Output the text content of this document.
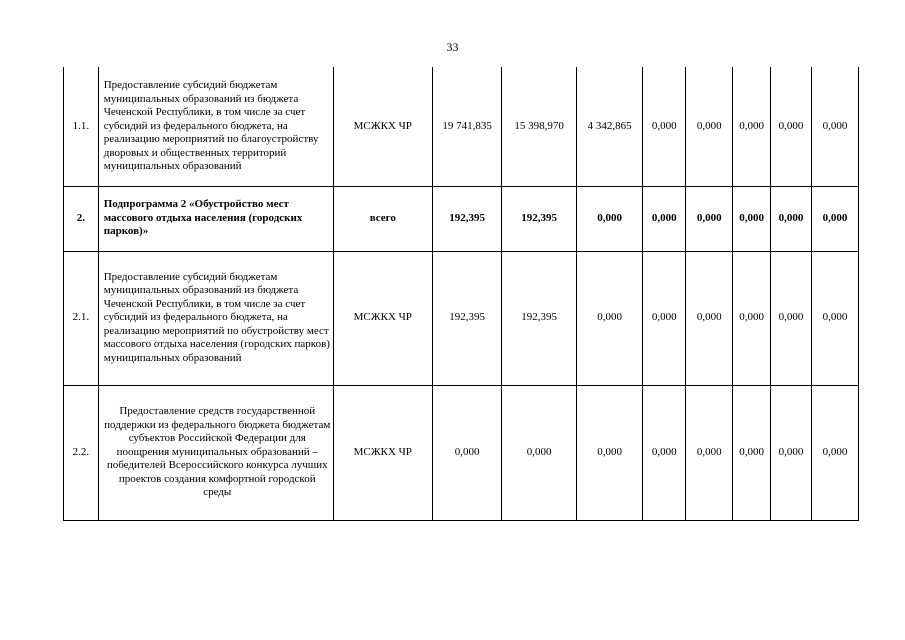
33
1.1.	Предоставление субсидий бюджетам муниципальных образований из бюджета Чеченской Республики, в том числе за счет субсидий из федерального бюджета, на реализацию мероприятий по благоустройству дворовых и общественных территорий муниципальных образований	МСЖКХ ЧР	19 741,835	15 398,970	4 342,865	0,000	0,000	0,000	0,000	0,000
2.	Подпрограмма 2 «Обустройство мест массового отдыха населения (городских парков)»	всего	192,395	192,395	0,000	0,000	0,000	0,000	0,000	0,000
2.1.	Предоставление субсидий бюджетам муниципальных образований из бюджета Чеченской Республики, в том числе за счет субсидий из федерального бюджета, на реализацию мероприятий по обустройству мест массового отдыха населения (городских парков) муниципальных образований	МСЖКХ ЧР	192,395	192,395	0,000	0,000	0,000	0,000	0,000	0,000
2.2.	Предоставление средств государственной поддержки из федерального бюджета бюджетам субъектов Российской Федерации для поощрения муниципальных образований – победителей Всероссийского конкурса лучших проектов создания комфортной городской среды	МСЖКХ ЧР	0,000	0,000	0,000	0,000	0,000	0,000	0,000	0,000
